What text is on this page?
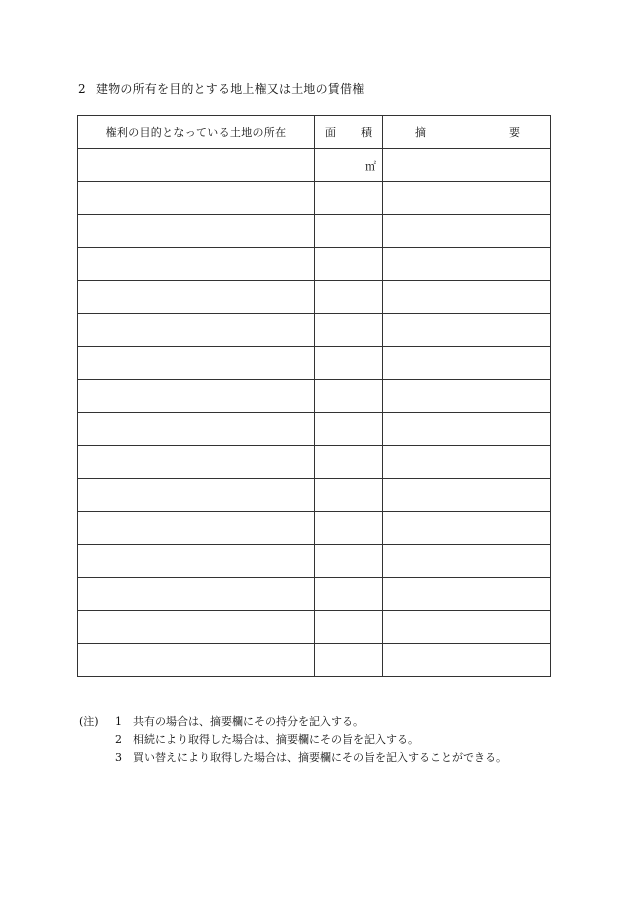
2 建物の所有を目的とする地上権又は土地の賃借権
権利の目的となっている土地の所在	面 積	摘 要

	㎡	

(注)	1	共有の場合は、摘要欄にその持分を記入する。
2	相続により取得した場合は、摘要欄にその旨を記入する。
3	買い替えにより取得した場合は、摘要欄にその旨を記入することができる。
